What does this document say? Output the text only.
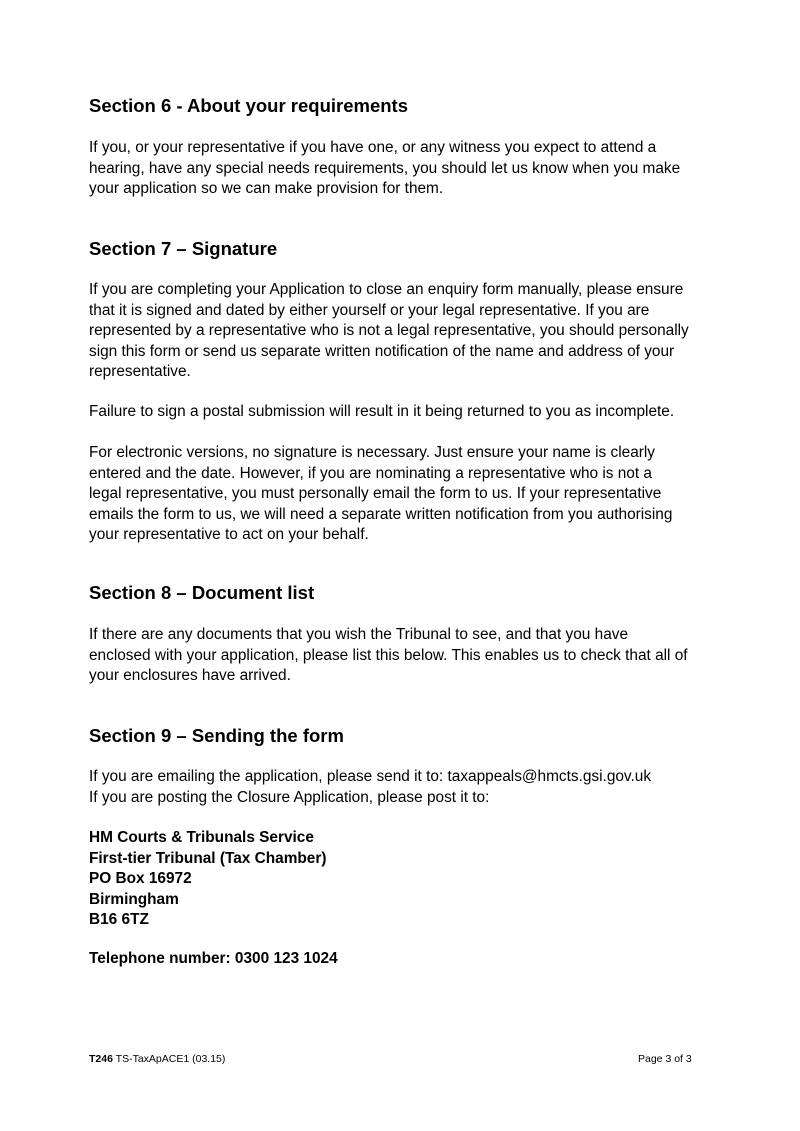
Section 6 - About your requirements

If you, or your representative if you have one, or any witness you expect to attend a
hearing, have any special needs requirements, you should let us know when you make
your application so we can make provision for them.

Section 7 – Signature

If you are completing your Application to close an enquiry form manually, please ensure
that it is signed and dated by either yourself or your legal representative. If you are
represented by a representative who is not a legal representative, you should personally
sign this form or send us separate written notification of the name and address of your
representative.

Failure to sign a postal submission will result in it being returned to you as incomplete.

For electronic versions, no signature is necessary. Just ensure your name is clearly
entered and the date. However, if you are nominating a representative who is not a
legal representative, you must personally email the form to us. If your representative
emails the form to us, we will need a separate written notification from you authorising
your representative to act on your behalf.

Section 8 – Document list

If there are any documents that you wish the Tribunal to see, and that you have
enclosed with your application, please list this below. This enables us to check that all of
your enclosures have arrived.

Section 9 – Sending the form

If you are emailing the application, please send it to: taxappeals@hmcts.gsi.gov.uk
If you are posting the Closure Application, please post it to:

HM Courts & Tribunals Service
First-tier Tribunal (Tax Chamber)
PO Box 16972
Birmingham
B16 6TZ

Telephone number: 0300 123 1024

T246 TS-TaxApACE1 (03.15)	Page 3 of 3
